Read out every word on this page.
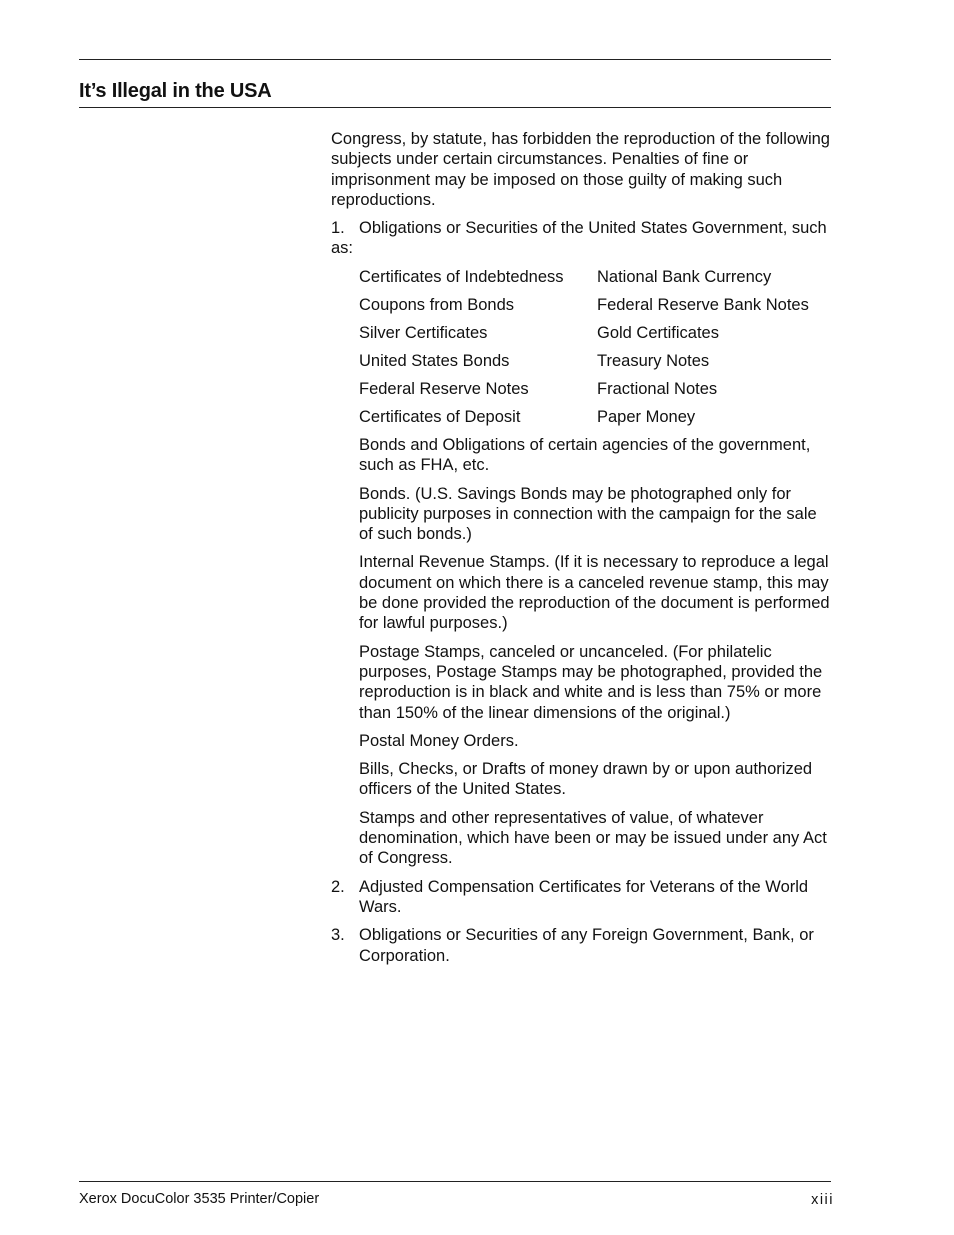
It’s Illegal in the USA

Congress, by statute, has forbidden the reproduction of the following subjects under certain circumstances. Penalties of fine or imprisonment may be imposed on those guilty of making such reproductions.

1. Obligations or Securities of the United States Government, such as:

Certificates of Indebtedness	National Bank Currency
Coupons from Bonds	Federal Reserve Bank Notes
Silver Certificates	Gold Certificates
United States Bonds	Treasury Notes
Federal Reserve Notes	Fractional Notes
Certificates of Deposit	Paper Money

Bonds and Obligations of certain agencies of the government, such as FHA, etc.

Bonds. (U.S. Savings Bonds may be photographed only for publicity purposes in connection with the campaign for the sale of such bonds.)

Internal Revenue Stamps. (If it is necessary to reproduce a legal document on which there is a canceled revenue stamp, this may be done provided the reproduction of the document is performed for lawful purposes.)

Postage Stamps, canceled or uncanceled. (For philatelic purposes, Postage Stamps may be photographed, provided the reproduction is in black and white and is less than 75% or more than 150% of the linear dimensions of the original.)

Postal Money Orders.

Bills, Checks, or Drafts of money drawn by or upon authorized officers of the United States.

Stamps and other representatives of value, of whatever denomination, which have been or may be issued under any Act of Congress.

2. Adjusted Compensation Certificates for Veterans of the World Wars.
3. Obligations or Securities of any Foreign Government, Bank, or Corporation.
Xerox DocuColor 3535 Printer/Copier	xiii
